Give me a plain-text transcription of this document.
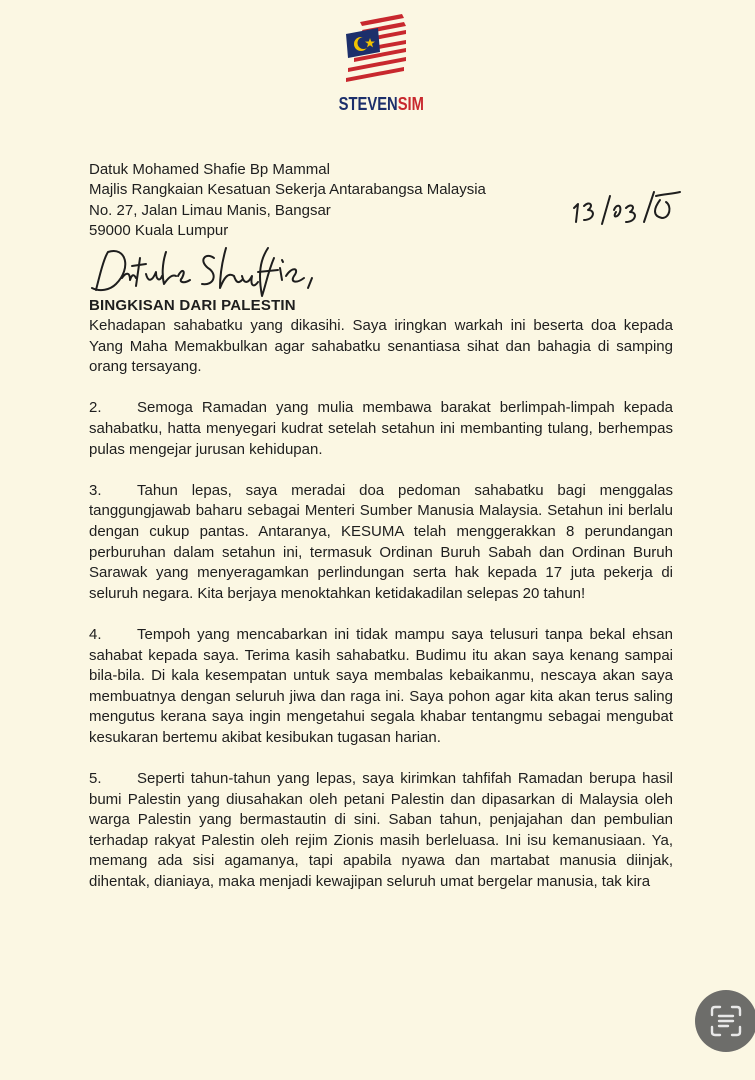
STEVENSIM
Datuk Mohamed Shafie Bp Mammal
Majlis Rangkaian Kesatuan Sekerja Antarabangsa Malaysia
No. 27, Jalan Limau Manis, Bangsar
59000 Kuala Lumpur
BINGKISAN DARI PALESTIN

Kehadapan sahabatku yang dikasihi. Saya iringkan warkah ini beserta doa kepada Yang Maha Memakbulkan agar sahabatku senantiasa sihat dan bahagia di samping orang tersayang.

2. Semoga Ramadan yang mulia membawa barakat berlimpah-limpah kepada sahabatku, hatta menyegari kudrat setelah setahun ini membanting tulang, berhempas pulas mengejar jurusan kehidupan.

3. Tahun lepas, saya meradai doa pedoman sahabatku bagi menggalas tanggungjawab baharu sebagai Menteri Sumber Manusia Malaysia. Setahun ini berlalu dengan cukup pantas. Antaranya, KESUMA telah menggerakkan 8 perundangan perburuhan dalam setahun ini, termasuk Ordinan Buruh Sabah dan Ordinan Buruh Sarawak yang menyeragamkan perlindungan serta hak kepada 17 juta pekerja di seluruh negara. Kita berjaya menoktahkan ketidakadilan selepas 20 tahun!

4. Tempoh yang mencabarkan ini tidak mampu saya telusuri tanpa bekal ehsan sahabat kepada saya. Terima kasih sahabatku. Budimu itu akan saya kenang sampai bila-bila. Di kala kesempatan untuk saya membalas kebaikanmu, nescaya akan saya membuatnya dengan seluruh jiwa dan raga ini. Saya pohon agar kita akan terus saling mengutus kerana saya ingin mengetahui segala khabar tentangmu sebagai mengubat kesukaran bertemu akibat kesibukan tugasan harian.

5. Seperti tahun-tahun yang lepas, saya kirimkan tahfifah Ramadan berupa hasil bumi Palestin yang diusahakan oleh petani Palestin dan dipasarkan di Malaysia oleh warga Palestin yang bermastautin di sini. Saban tahun, penjajahan dan pembulian terhadap rakyat Palestin oleh rejim Zionis masih berleluasa. Ini isu kemanusiaan. Ya, memang ada sisi agamanya, tapi apabila nyawa dan martabat manusia diinjak, dihentak, dianiaya, maka menjadi kewajipan seluruh umat bergelar manusia, tak kira
